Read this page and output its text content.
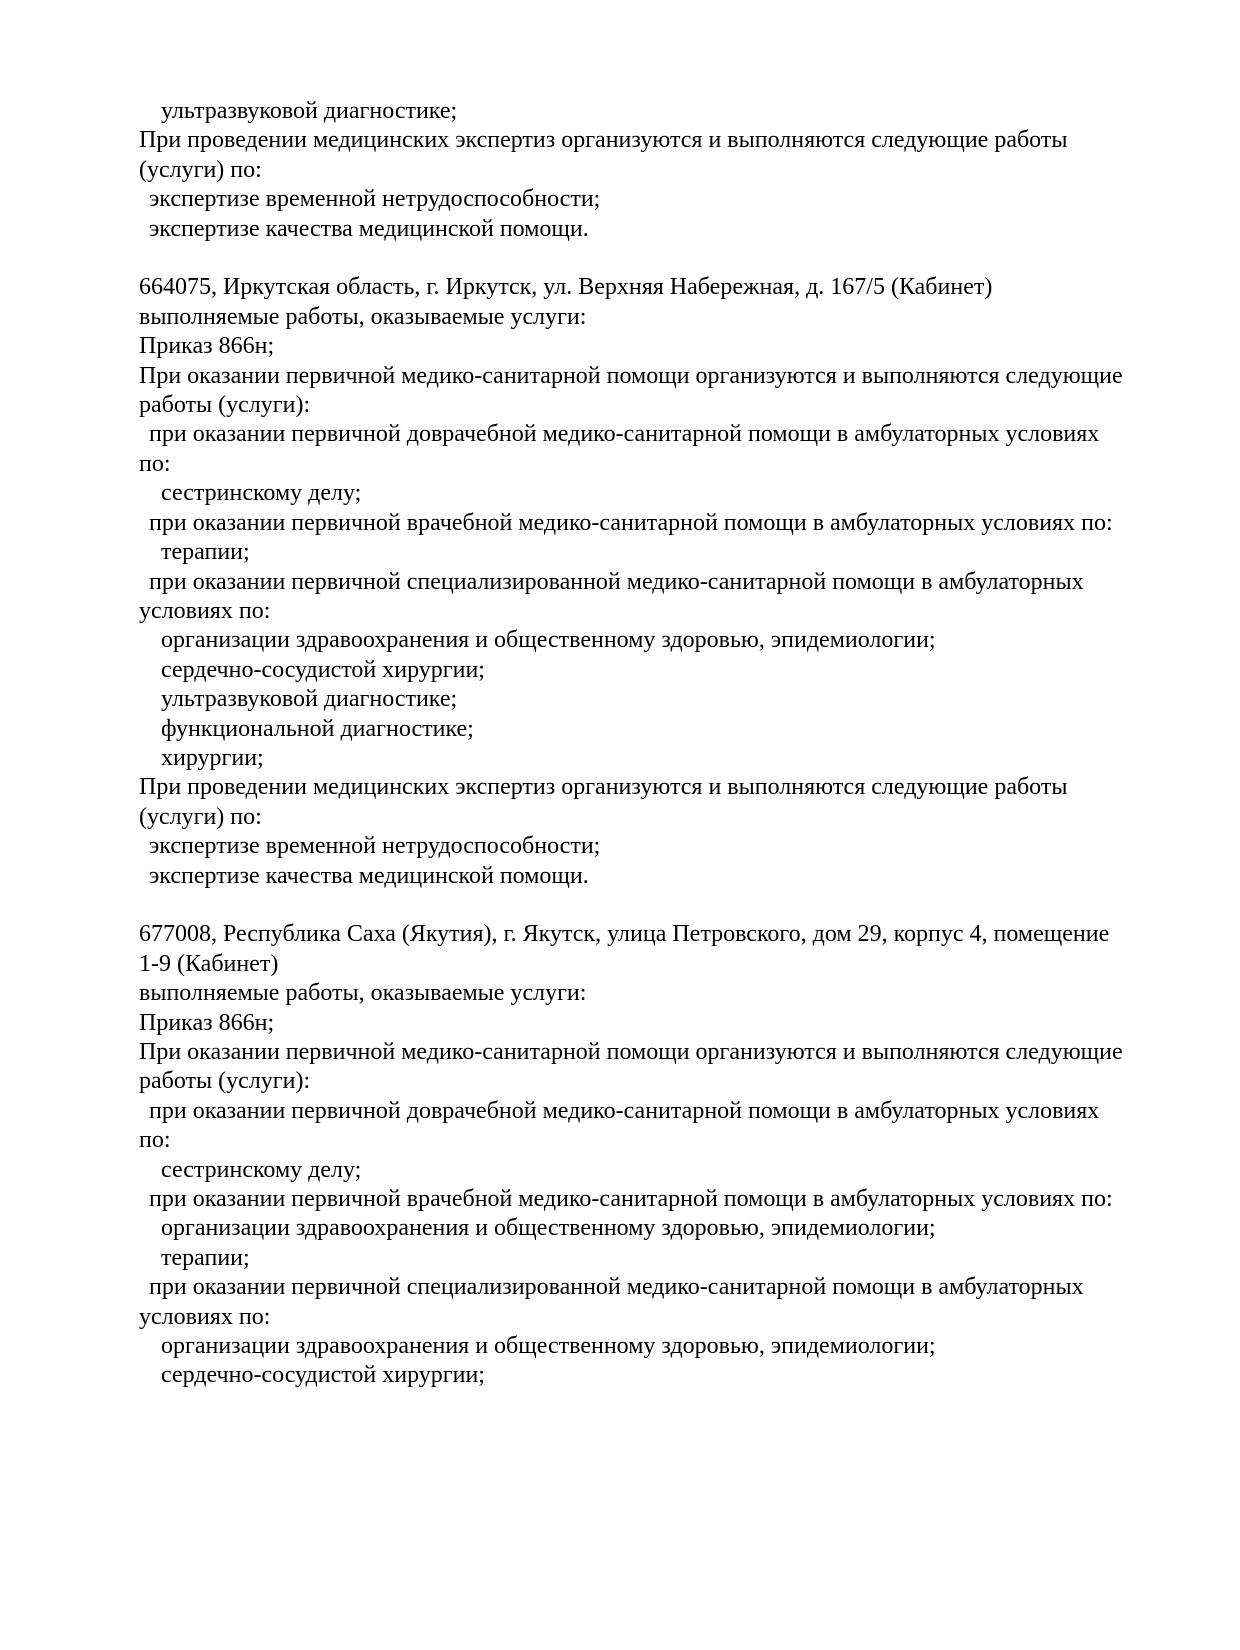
ультразвуковой диагностике;
При проведении медицинских экспертиз организуются и выполняются следующие работы
(услуги) по:
экспертизе временной нетрудоспособности;
экспертизе качества медицинской помощи.

664075, Иркутская область, г. Иркутск, ул. Верхняя Набережная, д. 167/5 (Кабинет)
выполняемые работы, оказываемые услуги:
Приказ 866н;
При оказании первичной медико-санитарной помощи организуются и выполняются следующие
работы (услуги):
при оказании первичной доврачебной медико-санитарной помощи в амбулаторных условиях
по:
сестринскому делу;
при оказании первичной врачебной медико-санитарной помощи в амбулаторных условиях по:
терапии;
при оказании первичной специализированной медико-санитарной помощи в амбулаторных
условиях по:
организации здравоохранения и общественному здоровью, эпидемиологии;
сердечно-сосудистой хирургии;
ультразвуковой диагностике;
функциональной диагностике;
хирургии;
При проведении медицинских экспертиз организуются и выполняются следующие работы
(услуги) по:
экспертизе временной нетрудоспособности;
экспертизе качества медицинской помощи.

677008, Республика Саха (Якутия), г. Якутск, улица Петровского, дом 29, корпус 4, помещение
1-9 (Кабинет)
выполняемые работы, оказываемые услуги:
Приказ 866н;
При оказании первичной медико-санитарной помощи организуются и выполняются следующие
работы (услуги):
при оказании первичной доврачебной медико-санитарной помощи в амбулаторных условиях
по:
сестринскому делу;
при оказании первичной врачебной медико-санитарной помощи в амбулаторных условиях по:
организации здравоохранения и общественному здоровью, эпидемиологии;
терапии;
при оказании первичной специализированной медико-санитарной помощи в амбулаторных
условиях по:
организации здравоохранения и общественному здоровью, эпидемиологии;
сердечно-сосудистой хирургии;
